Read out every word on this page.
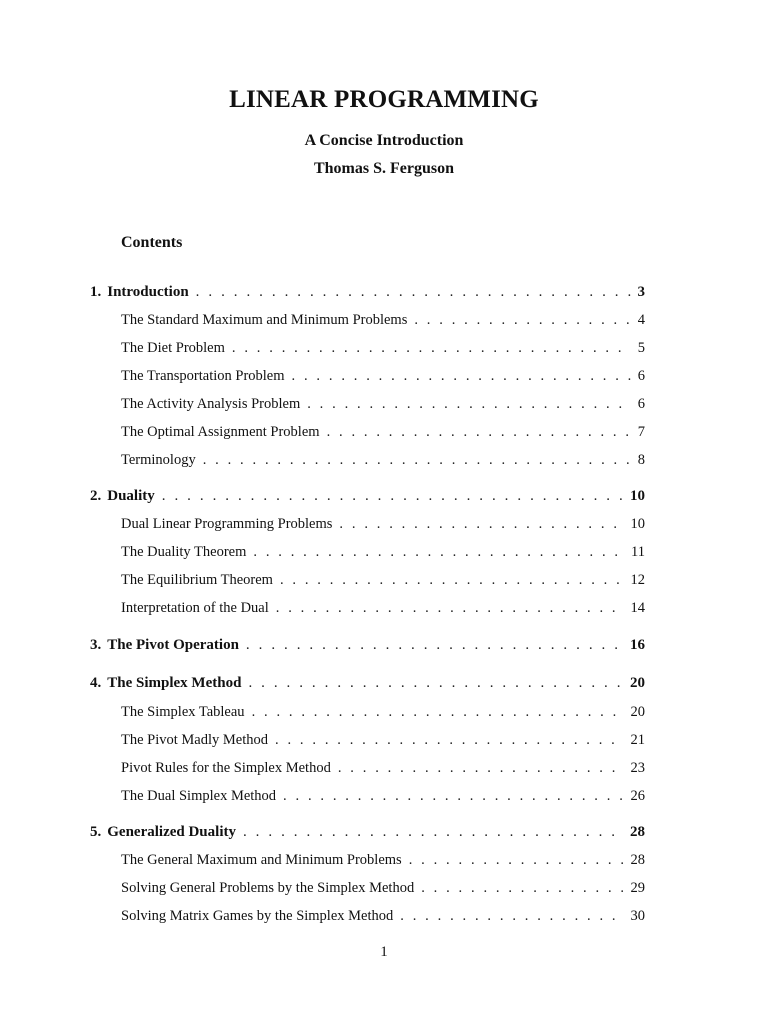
LINEAR PROGRAMMING
A Concise Introduction
Thomas S. Ferguson
Contents
1. Introduction . . .	3
The Standard Maximum and Minimum Problems . . .	4
The Diet Problem . . .	5
The Transportation Problem . . .	6
The Activity Analysis Problem . . .	6
The Optimal Assignment Problem . . .	7
Terminology . . .	8
2. Duality . . .	10
Dual Linear Programming Problems . . .	10
The Duality Theorem . . .	11
The Equilibrium Theorem . . .	12
Interpretation of the Dual . . .	14
3. The Pivot Operation . . .	16
4. The Simplex Method . . .	20
The Simplex Tableau . . .	20
The Pivot Madly Method . . .	21
Pivot Rules for the Simplex Method . . .	23
The Dual Simplex Method . . .	26
5. Generalized Duality . . .	28
The General Maximum and Minimum Problems . . .	28
Solving General Problems by the Simplex Method . . .	29
Solving Matrix Games by the Simplex Method . . .	30
1
